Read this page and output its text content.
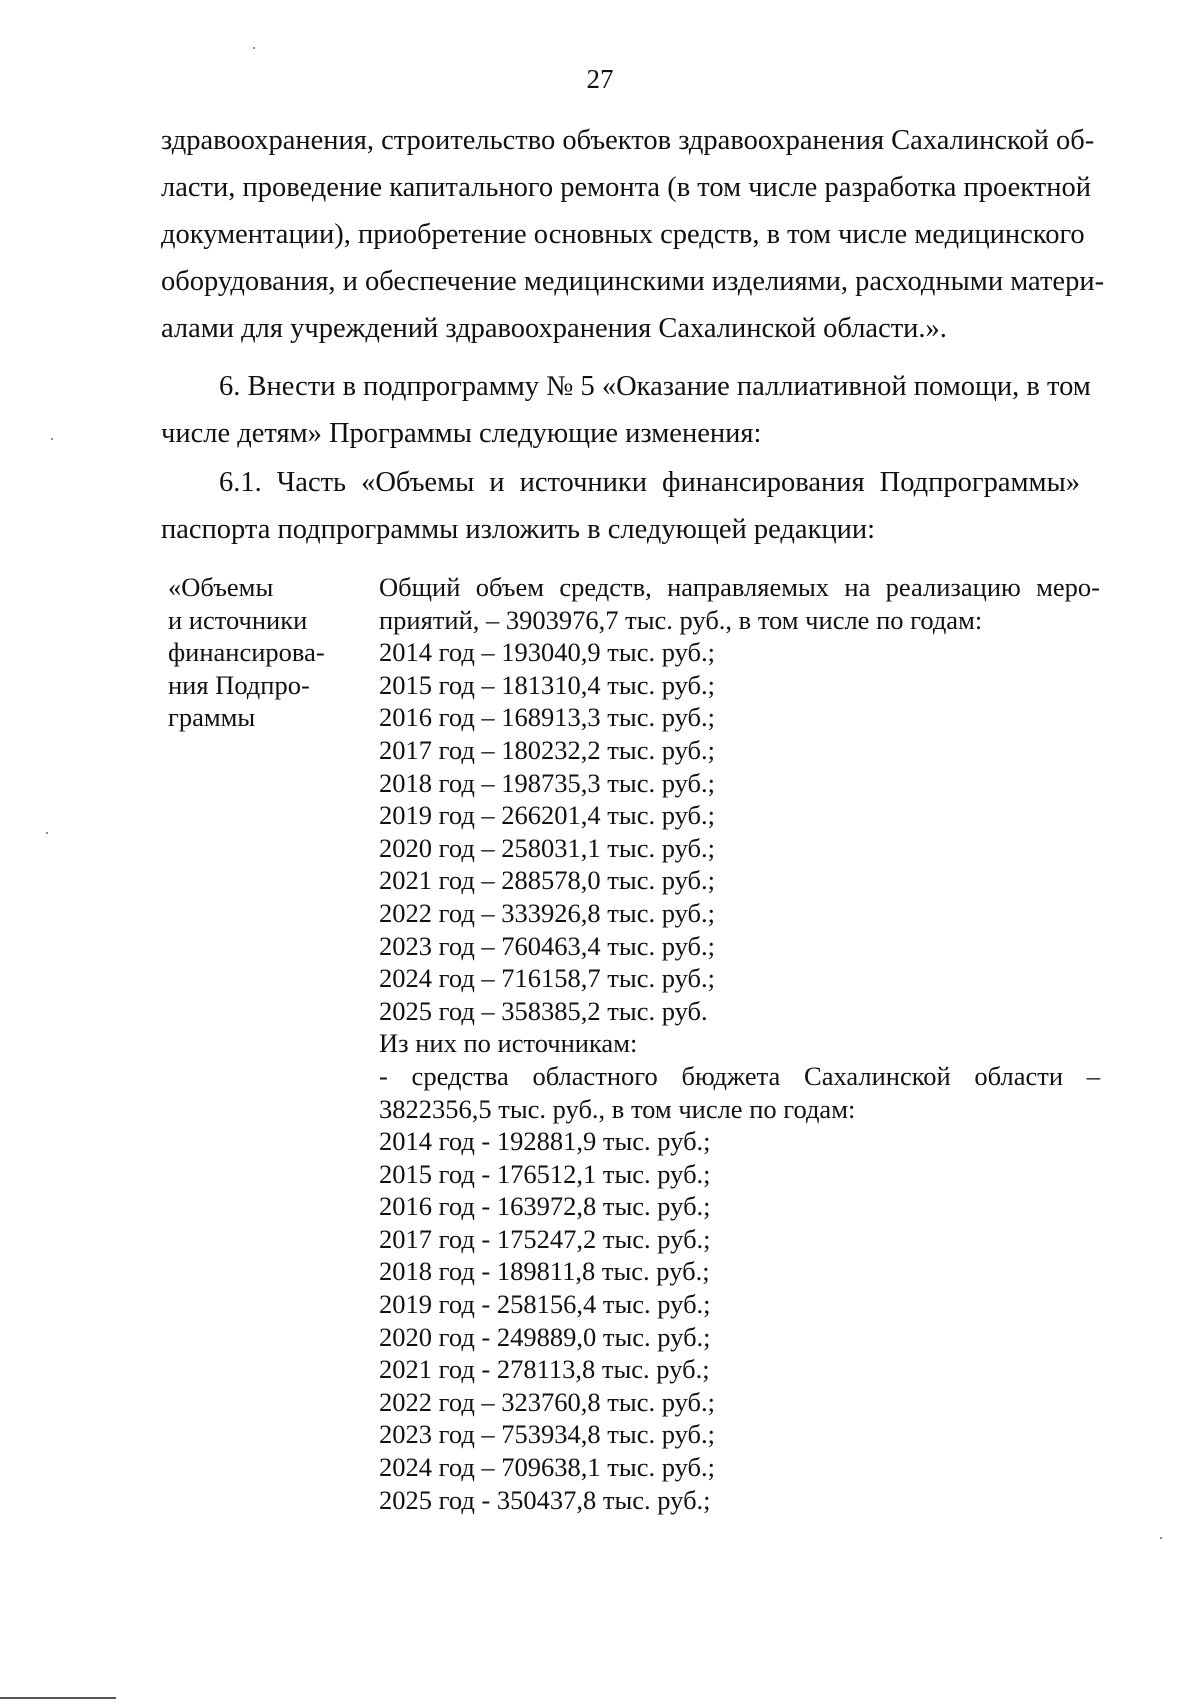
27
здравоохранения, строительство объектов здравоохранения Сахалинской об-
ласти, проведение капитального ремонта (в том числе разработка проектной
документации), приобретение основных средств, в том числе медицинского
оборудования, и обеспечение медицинскими изделиями, расходными матери-
алами для учреждений здравоохранения Сахалинской области.».
6. Внести в подпрограмму № 5 «Оказание паллиативной помощи, в том
числе детям» Программы следующие изменения:
6.1. Часть «Объемы и источники финансирования Подпрограммы»
паспорта подпрограммы изложить в следующей редакции:
«Объемы
и источники
финансирова-
ния Подпро-
граммы
Общий объем средств, направляемых на реализацию меро-
приятий, – 3903976,7 тыс. руб., в том числе по годам:
2014 год – 193040,9 тыс. руб.;
2015 год – 181310,4 тыс. руб.;
2016 год – 168913,3 тыс. руб.;
2017 год – 180232,2 тыс. руб.;
2018 год – 198735,3 тыс. руб.;
2019 год – 266201,4 тыс. руб.;
2020 год – 258031,1 тыс. руб.;
2021 год – 288578,0 тыс. руб.;
2022 год – 333926,8 тыс. руб.;
2023 год – 760463,4 тыс. руб.;
2024 год – 716158,7 тыс. руб.;
2025 год – 358385,2 тыс. руб.
Из них по источникам:
- средства областного бюджета Сахалинской области –
3822356,5 тыс. руб., в том числе по годам:
2014 год - 192881,9 тыс. руб.;
2015 год - 176512,1 тыс. руб.;
2016 год - 163972,8 тыс. руб.;
2017 год - 175247,2 тыс. руб.;
2018 год - 189811,8 тыс. руб.;
2019 год - 258156,4 тыс. руб.;
2020 год - 249889,0 тыс. руб.;
2021 год - 278113,8 тыс. руб.;
2022 год – 323760,8 тыс. руб.;
2023 год – 753934,8 тыс. руб.;
2024 год – 709638,1 тыс. руб.;
2025 год - 350437,8 тыс. руб.;
